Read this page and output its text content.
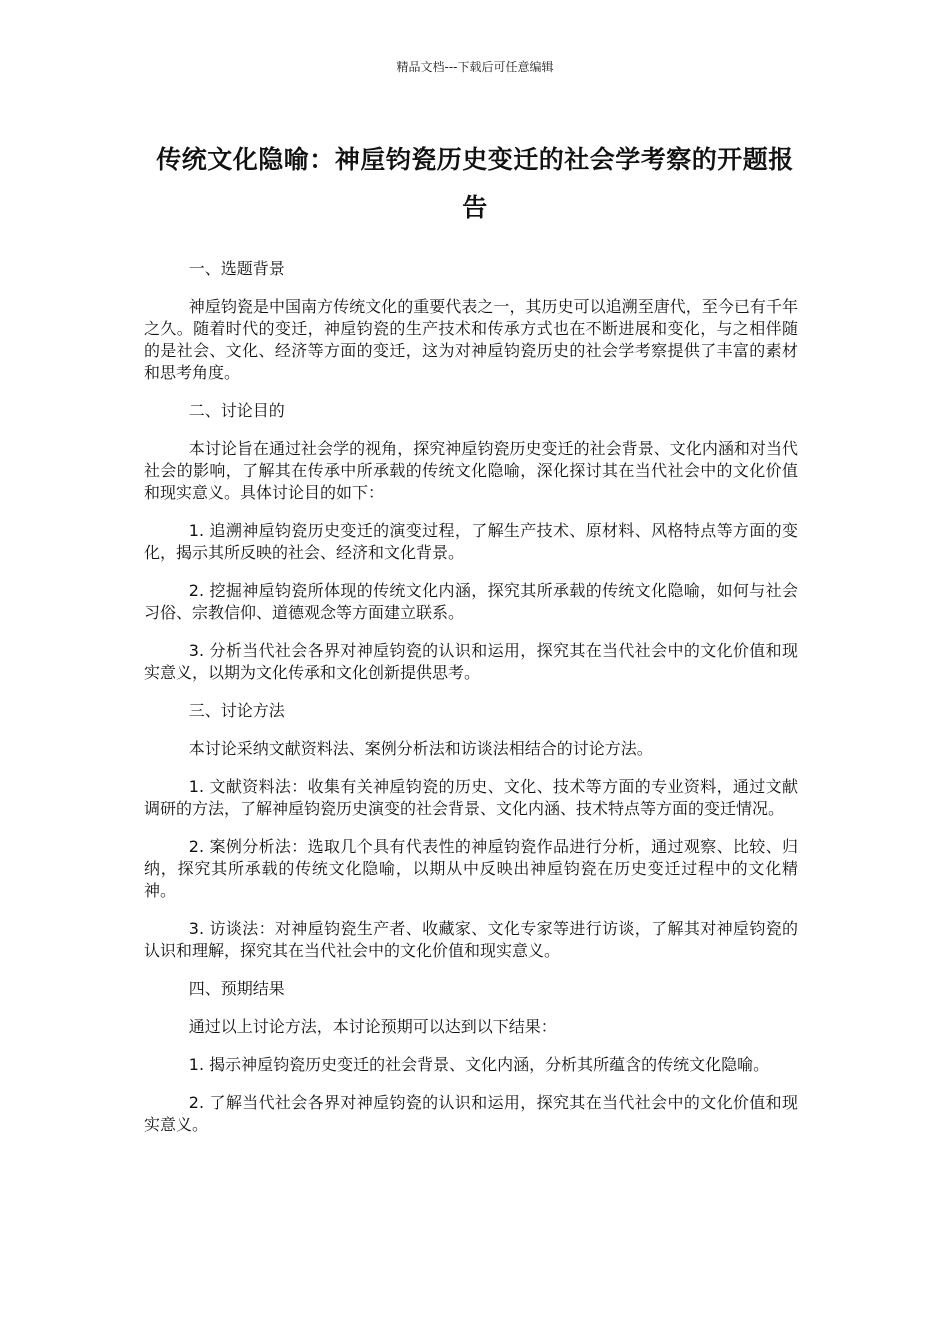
精品文档---下载后可任意编辑
传统文化隐喻：神垕钧瓷历史变迁的社会学考察的开题报告
一、选题背景
神垕钧瓷是中国南方传统文化的重要代表之一，其历史可以追溯至唐代，至今已有千年之久。随着时代的变迁，神垕钧瓷的生产技术和传承方式也在不断进展和变化，与之相伴随的是社会、文化、经济等方面的变迁，这为对神垕钧瓷历史的社会学考察提供了丰富的素材和思考角度。
二、讨论目的
本讨论旨在通过社会学的视角，探究神垕钧瓷历史变迁的社会背景、文化内涵和对当代社会的影响，了解其在传承中所承载的传统文化隐喻，深化探讨其在当代社会中的文化价值和现实意义。具体讨论目的如下：
1. 追溯神垕钧瓷历史变迁的演变过程，了解生产技术、原材料、风格特点等方面的变化，揭示其所反映的社会、经济和文化背景。
2. 挖掘神垕钧瓷所体现的传统文化内涵，探究其所承载的传统文化隐喻，如何与社会习俗、宗教信仰、道德观念等方面建立联系。
3. 分析当代社会各界对神垕钧瓷的认识和运用，探究其在当代社会中的文化价值和现实意义，以期为文化传承和文化创新提供思考。
三、讨论方法
本讨论采纳文献资料法、案例分析法和访谈法相结合的讨论方法。
1. 文献资料法：收集有关神垕钧瓷的历史、文化、技术等方面的专业资料，通过文献调研的方法，了解神垕钧瓷历史演变的社会背景、文化内涵、技术特点等方面的变迁情况。
2. 案例分析法：选取几个具有代表性的神垕钧瓷作品进行分析，通过观察、比较、归纳，探究其所承载的传统文化隐喻，以期从中反映出神垕钧瓷在历史变迁过程中的文化精神。
3. 访谈法：对神垕钧瓷生产者、收藏家、文化专家等进行访谈，了解其对神垕钧瓷的认识和理解，探究其在当代社会中的文化价值和现实意义。
四、预期结果
通过以上讨论方法，本讨论预期可以达到以下结果：
1. 揭示神垕钧瓷历史变迁的社会背景、文化内涵，分析其所蕴含的传统文化隐喻。
2. 了解当代社会各界对神垕钧瓷的认识和运用，探究其在当代社会中的文化价值和现实意义。
